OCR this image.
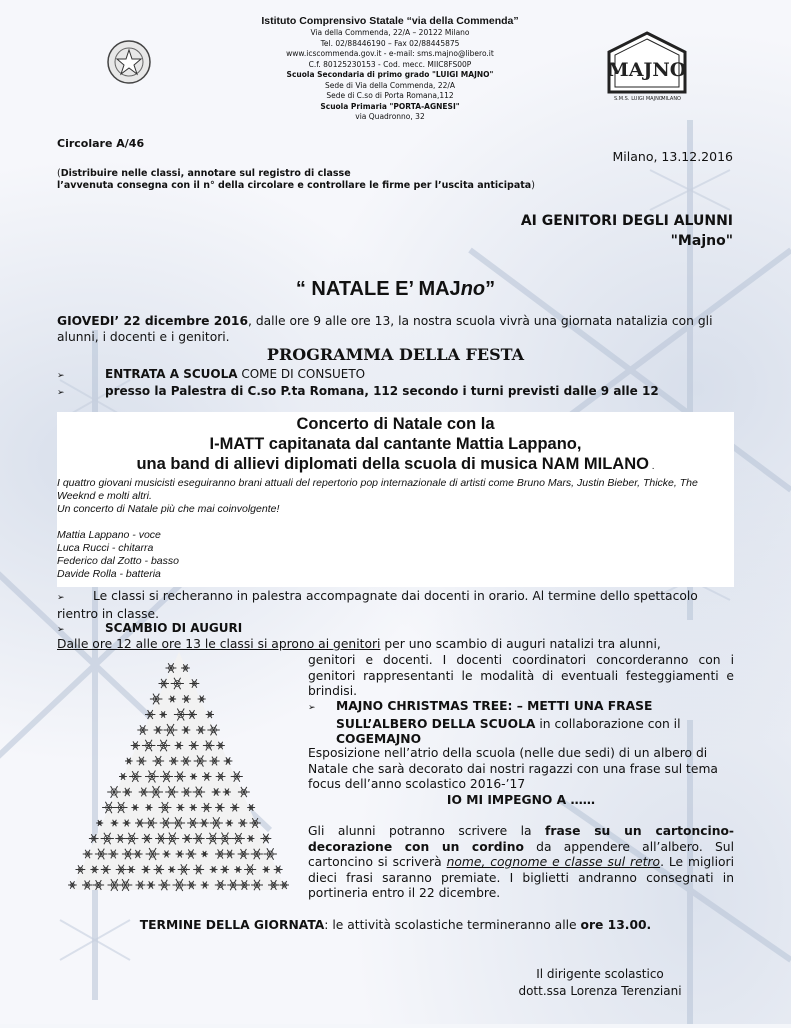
Istituto Comprensivo Statale “via della Commenda”
Via della Commenda, 22/A – 20122 Milano
Tel. 02/88446190 – Fax 02/88445875
www.icscommenda.gov.it - e-mail: sms.majno@libero.it
C.f. 80125230153 - Cod. mecc. MIIC8FS00P
Scuola Secondaria di primo grado "LUIGI MAJNO"
Sede di Via della Commenda, 22/A
Sede di C.so di Porta Romana,112
Scuola Primaria "PORTA-AGNESI"
via Quadronno, 32
MAJNO
S.M.S. LUIGI MAJNO
MILANO
Circolare A/46
Milano, 13.12.2016
(Distribuire nelle classi, annotare sul registro di classe
l’avvenuta consegna con il n° della circolare e controllare le firme per l’uscita anticipata)
AI GENITORI DEGLI ALUNNI
"Majno"
“ NATALE E’ MAJno”
GIOVEDI’ 22 dicembre 2016, dalle ore 9 alle ore 13, la nostra scuola vivrà una giornata natalizia con gli alunni, i docenti e i genitori.
PROGRAMMA DELLA FESTA
➢	ENTRATA A SCUOLA COME DI CONSUETO
➢	presso la Palestra di C.so P.ta Romana, 112 secondo i turni previsti dalle 9 alle 12
Concerto di Natale con la
I-MATT capitanata dal cantante Mattia Lappano,
una band di allievi diplomati della scuola di musica NAM MILANO .
I quattro giovani musicisti eseguiranno brani attuali del repertorio pop internazionale di artisti come Bruno Mars, Justin Bieber, Thicke, The Weeknd e molti altri.
Un concerto di Natale più che mai coinvolgente!
Mattia Lappano - voce
Luca Rucci - chitarra
Federico dal Zotto - basso
Davide Rolla - batteria
➢ Le classi si recheranno in palestra accompagnate dai docenti in orario. Al termine dello spettacolo rientro in classe.
➢	SCAMBIO DI AUGURI
Dalle ore 12 alle ore 13 le classi si aprono ai genitori per uno scambio di auguri natalizi tra alunni,
genitori e docenti. I docenti coordinatori concorderanno con i genitori rappresentanti le modalità di eventuali festeggiamenti e brindisi.
➢ MAJNO CHRISTMAS TREE: – METTI UNA FRASE
SULL’ALBERO DELLA SCUOLA in collaborazione con il
COGEMAJNO
Esposizione nell’atrio della scuola (nelle due sedi) di un albero di Natale che sarà decorato dai nostri ragazzi con una frase sul tema focus dell’anno scolastico 2016-’17
IO MI IMPEGNO A ……
Gli alunni potranno scrivere la frase su un cartoncino-decorazione con un cordino da appendere all’albero. Sul cartoncino si scriverà nome, cognome e classe sul retro. Le migliori dieci frasi saranno premiate. I biglietti andranno consegnati in portineria entro il 22 dicembre.
TERMINE DELLA GIORNATA: le attività scolastiche termineranno alle ore 13.00.
Il dirigente scolastico
dott.ssa Lorenza Terenziani
